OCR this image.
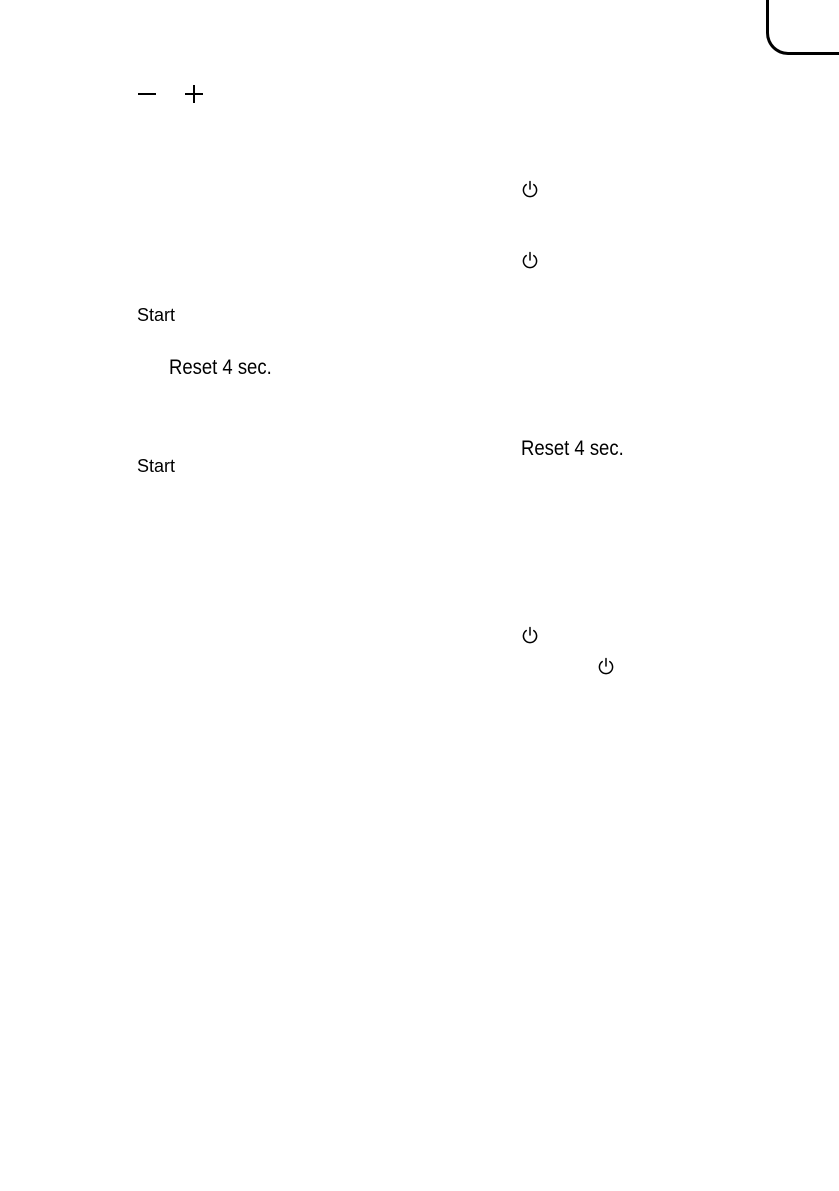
Start
Reset 4 sec.
Reset 4 sec.
Start
